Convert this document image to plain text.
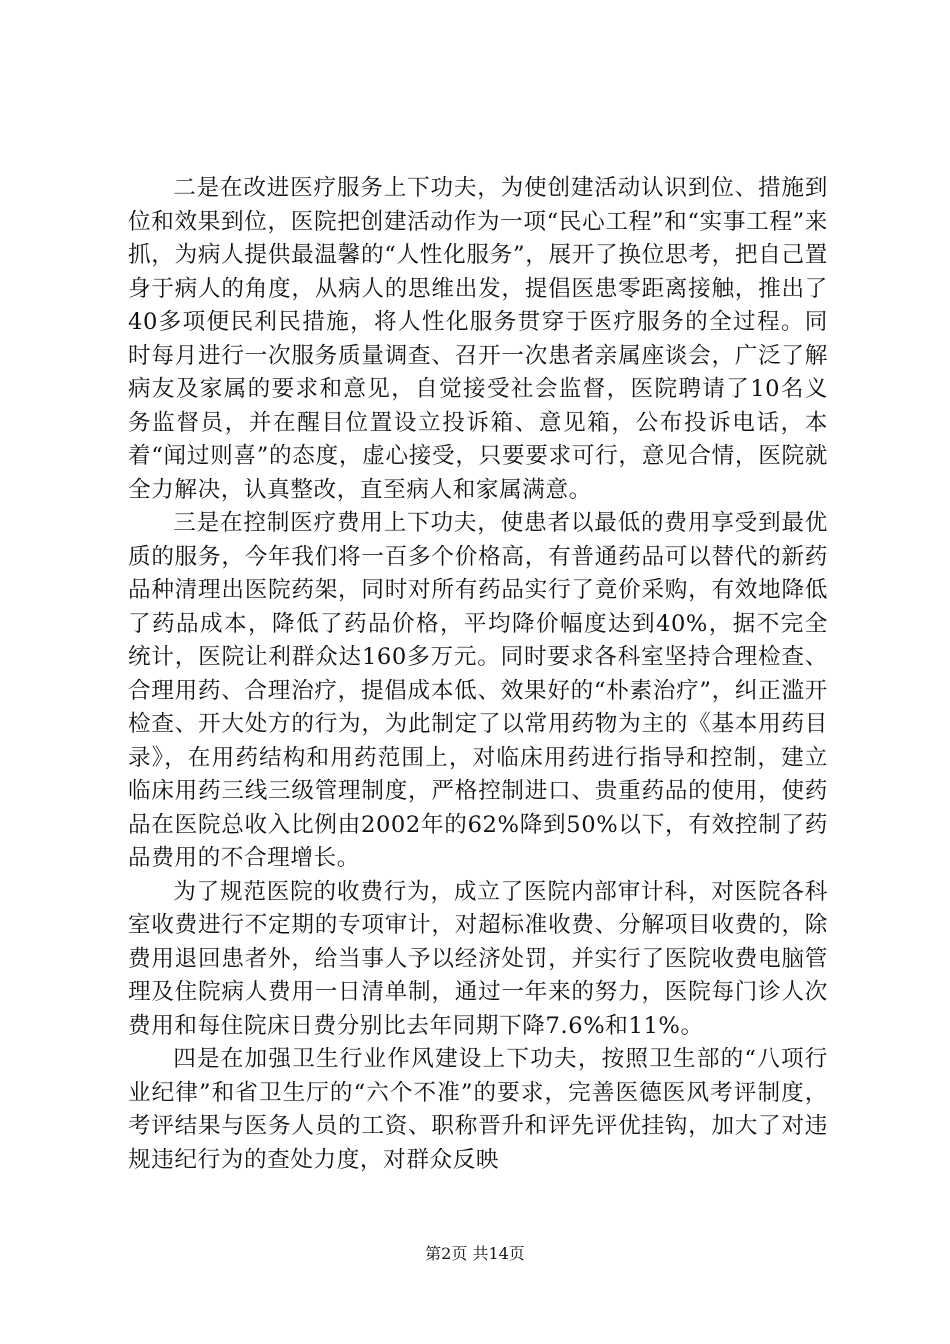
二是在改进医疗服务上下功夫，为使创建活动认识到位、措施到位和效果到位，医院把创建活动作为一项“民心工程”和“实事工程”来抓，为病人提供最温馨的“人性化服务”，展开了换位思考，把自己置身于病人的角度，从病人的思维出发，提倡医患零距离接触，推出了40多项便民利民措施，将人性化服务贯穿于医疗服务的全过程。同时每月进行一次服务质量调查、召开一次患者亲属座谈会，广泛了解病友及家属的要求和意见，自觉接受社会监督，医院聘请了10名义务监督员，并在醒目位置设立投诉箱、意见箱，公布投诉电话，本着“闻过则喜”的态度，虚心接受，只要要求可行，意见合情，医院就全力解决，认真整改，直至病人和家属满意。

三是在控制医疗费用上下功夫，使患者以最低的费用享受到最优质的服务，今年我们将一百多个价格高，有普通药品可以替代的新药品种清理出医院药架，同时对所有药品实行了竟价采购，有效地降低了药品成本，降低了药品价格，平均降价幅度达到40%，据不完全统计，医院让利群众达160多万元。同时要求各科室坚持合理检查、合理用药、合理治疗，提倡成本低、效果好的“朴素治疗”，纠正滥开检查、开大处方的行为，为此制定了以常用药物为主的《基本用药目录》，在用药结构和用药范围上，对临床用药进行指导和控制，建立临床用药三线三级管理制度，严格控制进口、贵重药品的使用，使药品在医院总收入比例由2002年的62%降到50%以下，有效控制了药品费用的不合理增长。

为了规范医院的收费行为，成立了医院内部审计科，对医院各科室收费进行不定期的专项审计，对超标准收费、分解项目收费的，除费用退回患者外，给当事人予以经济处罚，并实行了医院收费电脑管理及住院病人费用一日清单制，通过一年来的努力，医院每门诊人次费用和每住院床日费分别比去年同期下降7.6%和11%。

四是在加强卫生行业作风建设上下功夫，按照卫生部的“八项行业纪律”和省卫生厅的“六个不准”的要求，完善医德医风考评制度，考评结果与医务人员的工资、职称晋升和评先评优挂钩，加大了对违规违纪行为的查处力度，对群众反映

第2页 共14页
